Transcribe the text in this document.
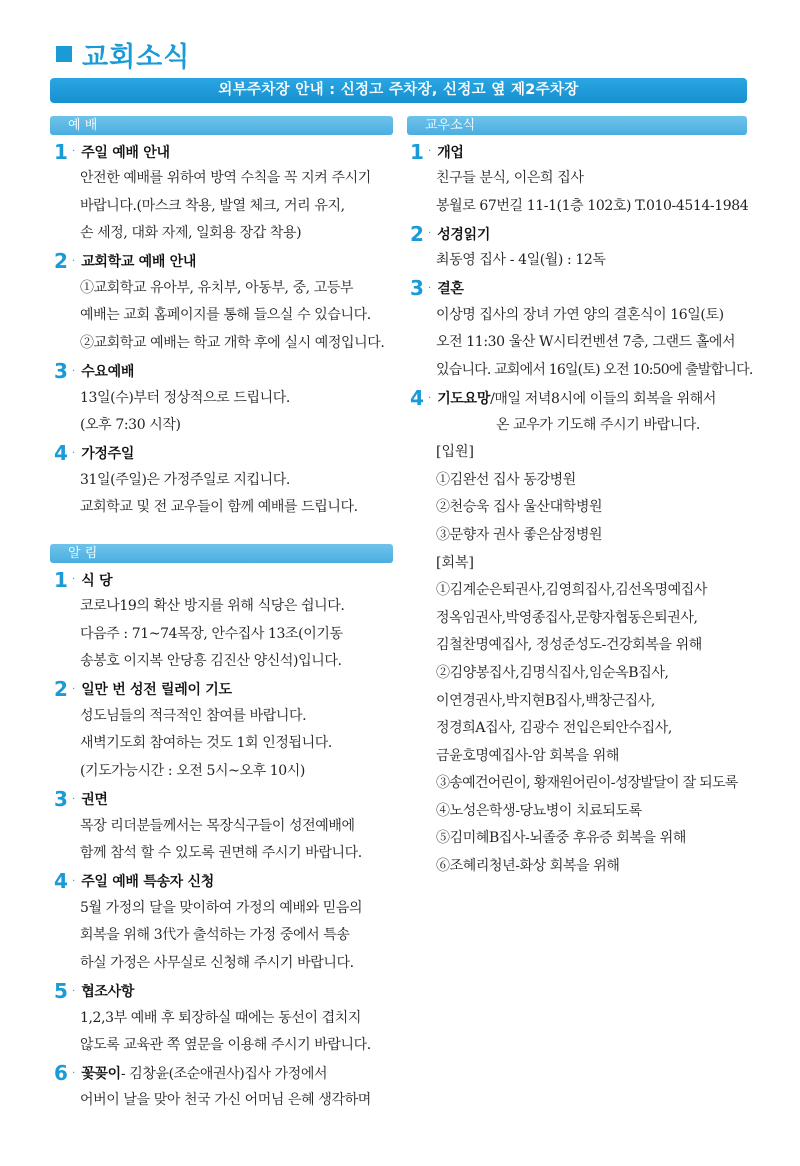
교회소식
외부주차장 안내 : 신정고 주차장, 신정고 옆 제2주차장
예 배
1 · 주일 예배 안내
안전한 예배를 위하여 방역 수칙을 꼭 지켜 주시기
바랍니다.(마스크 착용, 발열 체크, 거리 유지,
손 세정, 대화 자제, 일회용 장갑 착용)
2 · 교회학교 예배 안내
①교회학교 유아부, 유치부, 아동부, 중, 고등부
예배는 교회 홈페이지를 통해 들으실 수 있습니다.
②교회학교 예배는 학교 개학 후에 실시 예정입니다.
3 · 수요예배
13일(수)부터 정상적으로 드립니다.
(오후 7:30 시작)
4 · 가정주일
31일(주일)은 가정주일로 지킵니다.
교회학교 및 전 교우들이 함께 예배를 드립니다.
알 림
1 · 식 당
코로나19의 확산 방지를 위해 식당은 쉽니다.
다음주 : 71~74목장, 안수집사 13조(이기동
송봉호 이지복 안당흥 김진산 양신석)입니다.
2 · 일만 번 성전 릴레이 기도
성도님들의 적극적인 참여를 바랍니다.
새벽기도회 참여하는 것도 1회 인정됩니다.
(기도가능시간 : 오전 5시~오후 10시)
3 · 권면
목장 리더분들께서는 목장식구들이 성전예배에
함께 참석 할 수 있도록 권면해 주시기 바랍니다.
4 · 주일 예배 특송자 신청
5월 가정의 달을 맞이하여 가정의 예배와 믿음의
회복을 위해 3代가 출석하는 가정 중에서 특송
하실 가정은 사무실로 신청해 주시기 바랍니다.
5 · 협조사항
1,2,3부 예배 후 퇴장하실 때에는 동선이 겹치지
않도록 교육관 쪽 옆문을 이용해 주시기 바랍니다.
6 · 꽃꽂이 - 김창윤(조순애권사)집사 가정에서
어버이 날을 맞아 천국 가신 어머님 은혜 생각하며
교우소식
1 · 개업
친구들 분식, 이은희 집사
봉월로 67번길 11-1(1층 102호) T.010-4514-1984
2 · 성경읽기
최동영 집사 - 4일(월) : 12독
3 · 결혼
이상명 집사의 장녀 가연 양의 결혼식이 16일(토)
오전 11:30 울산 W시티컨벤션 7층, 그랜드 홀에서
있습니다. 교회에서 16일(토) 오전 10:50에 출발합니다.
4 · 기도요망 /매일 저녁8시에 이들의 회복을 위해서
온 교우가 기도해 주시기 바랍니다.
[입원]
①김완선 집사 동강병원
②천승욱 집사 울산대학병원
③문향자 권사 좋은삼정병원
[회복]
①김계순은퇴권사,김영희집사,김선옥명예집사
정옥임권사,박영종집사,문향자협동은퇴권사,
김철찬명예집사, 정성준성도-건강회복을 위해
②김양봉집사,김명식집사,임순옥B집사,
이연경권사,박지현B집사,백창근집사,
정경희A집사, 김광수 전입은퇴안수집사,
금윤호명예집사-암 회복을 위해
③송예건어린이, 황재원어린이-성장발달이 잘 되도록
④노성은학생-당뇨병이 치료되도록
⑤김미혜B집사-뇌졸중 후유증 회복을 위해
⑥조혜리청년-화상 회복을 위해
